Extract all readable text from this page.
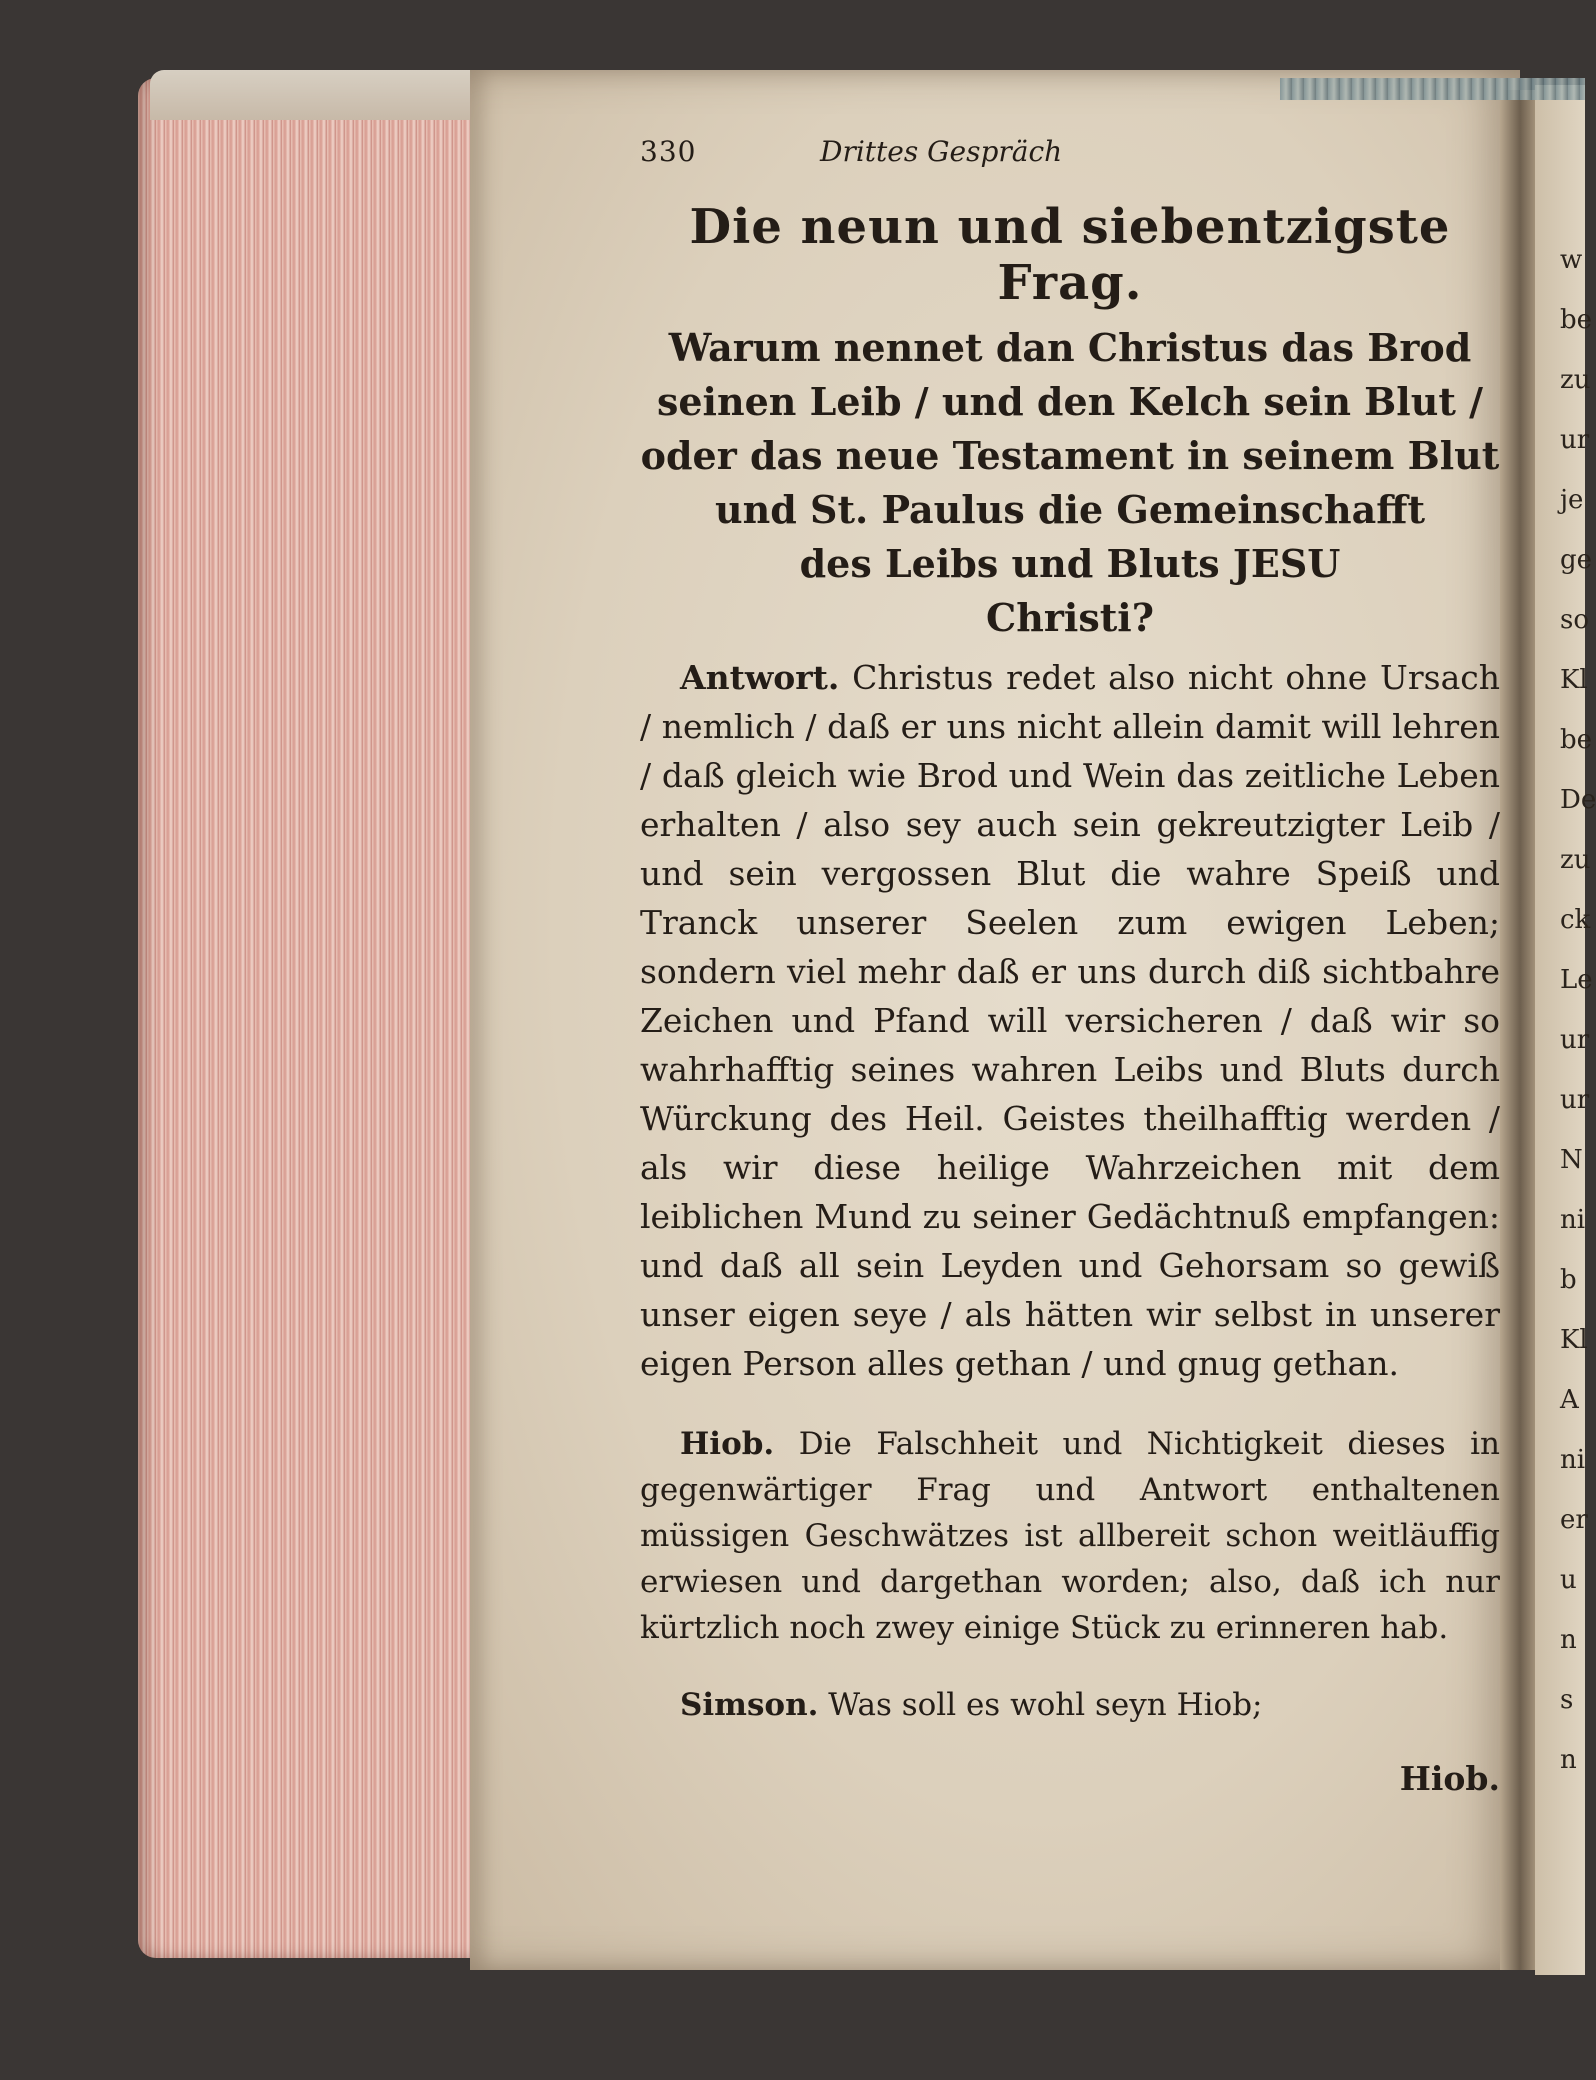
w
be
zu
ur
je
ge
so
Kl
be
De
zu
ck
Le
ur
ur
N
ni
b
Kl
A
ni
er
u
n
s
n
330	Drittes Gespräch
Die neun und siebentzigste Frag.
Warum nennet dan Christus das Brod
seinen Leib / und den Kelch sein Blut /
oder das neue Testament in seinem Blut
und St. Paulus die Gemeinschafft
des Leibs und Bluts JESU
Christi?

Antwort. Christus redet also nicht ohne Ursach / nemlich / daß er uns nicht allein damit will lehren / daß gleich wie Brod und Wein das zeitliche Leben erhalten / also sey auch sein gekreutzigter Leib / und sein vergossen Blut die wahre Speiß und Tranck unserer Seelen zum ewigen Leben; sondern viel mehr daß er uns durch diß sichtbahre Zeichen und Pfand will versicheren / daß wir so wahrhafftig seines wahren Leibs und Bluts durch Würckung des Heil. Geistes theilhafftig werden / als wir diese heilige Wahrzeichen mit dem leiblichen Mund zu seiner Gedächtnuß empfangen: und daß all sein Leyden und Gehorsam so gewiß unser eigen seye / als hätten wir selbst in unserer eigen Person alles gethan / und gnug gethan.

Hiob. Die Falschheit und Nichtigkeit dieses in gegenwärtiger Frag und Antwort enthaltenen müssigen Geschwätzes ist allbereit schon weitläuffig erwiesen und dargethan worden; also, daß ich nur kürtzlich noch zwey einige Stück zu erinneren hab.

Simson. Was soll es wohl seyn Hiob;

Hiob.
